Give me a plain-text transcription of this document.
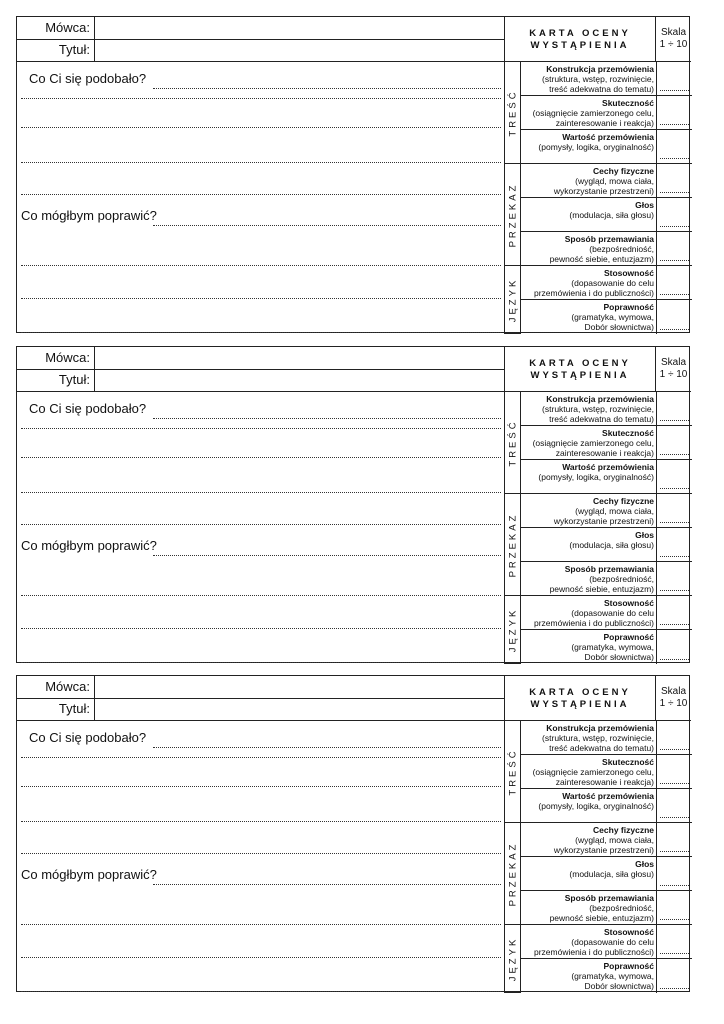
Mówca:
Tytuł:
KARTA OCENY
WYSTĄPIENIA
Skala
1 ÷ 10
Co Ci się podobało?
Co mógłbym poprawić?
TREŚĆ
Konstrukcja przemówienia
(struktura, wstęp, rozwinięcie,
treść adekwatna do tematu)
Skuteczność
(osiągnięcie zamierzonego celu,
zainteresowanie i reakcja)
Wartość przemówienia
(pomysły, logika, oryginalność)
PRZEKAZ
Cechy fizyczne
(wygląd, mowa ciała,
wykorzystanie przestrzeni)
Głos
(modulacja, siła głosu)
Sposób przemawiania
(bezpośredniość,
pewność siebie, entuzjazm)
JĘZYK
Stosowność
(dopasowanie do celu
przemówienia i do publiczności)
Poprawność
(gramatyka, wymowa,
Dobór słownictwa)
Mówca:
Tytuł:
KARTA OCENY
WYSTĄPIENIA
Skala
1 ÷ 10
Co Ci się podobało?
Co mógłbym poprawić?
TREŚĆ
Konstrukcja przemówienia
(struktura, wstęp, rozwinięcie,
treść adekwatna do tematu)
Skuteczność
(osiągnięcie zamierzonego celu,
zainteresowanie i reakcja)
Wartość przemówienia
(pomysły, logika, oryginalność)
PRZEKAZ
Cechy fizyczne
(wygląd, mowa ciała,
wykorzystanie przestrzeni)
Głos
(modulacja, siła głosu)
Sposób przemawiania
(bezpośredniość,
pewność siebie, entuzjazm)
JĘZYK
Stosowność
(dopasowanie do celu
przemówienia i do publiczności)
Poprawność
(gramatyka, wymowa,
Dobór słownictwa)
Mówca:
Tytuł:
KARTA OCENY
WYSTĄPIENIA
Skala
1 ÷ 10
Co Ci się podobało?
Co mógłbym poprawić?
TREŚĆ
Konstrukcja przemówienia
(struktura, wstęp, rozwinięcie,
treść adekwatna do tematu)
Skuteczność
(osiągnięcie zamierzonego celu,
zainteresowanie i reakcja)
Wartość przemówienia
(pomysły, logika, oryginalność)
PRZEKAZ
Cechy fizyczne
(wygląd, mowa ciała,
wykorzystanie przestrzeni)
Głos
(modulacja, siła głosu)
Sposób przemawiania
(bezpośredniość,
pewność siebie, entuzjazm)
JĘZYK
Stosowność
(dopasowanie do celu
przemówienia i do publiczności)
Poprawność
(gramatyka, wymowa,
Dobór słownictwa)
